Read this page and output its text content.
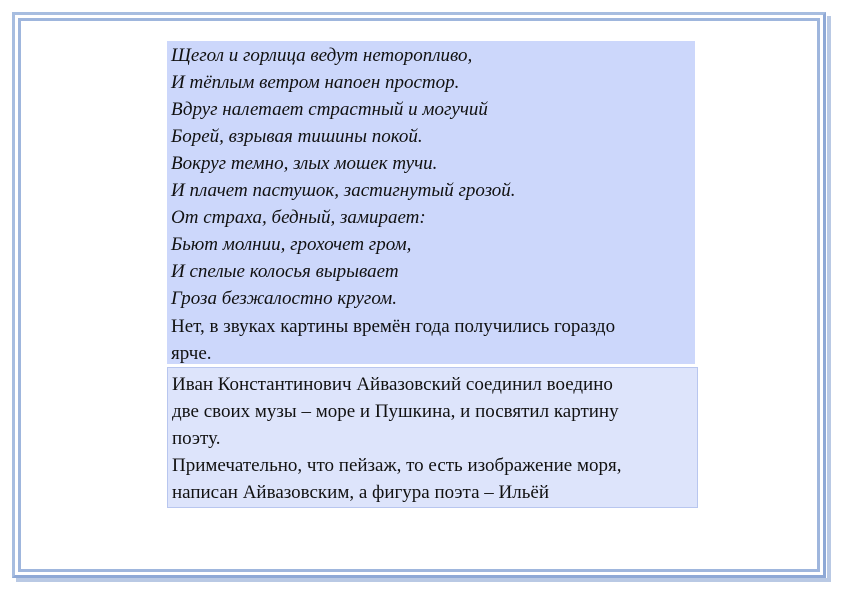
Щегол и горлица ведут неторопливо,
И тёплым ветром напоен простор.
Вдруг налетает страстный и могучий
Борей, взрывая тишины покой.
Вокруг темно, злых мошек тучи.
И плачет пастушок, застигнутый грозой.
От страха, бедный, замирает:
Бьют молнии, грохочет гром,
И спелые колосья вырывает
Гроза безжалостно кругом.
Нет, в звуках картины времён года получились гораздо
ярче.
Иван Константинович Айвазовский соединил воедино
две своих музы – море и Пушкина, и посвятил картину
поэту.
Примечательно, что пейзаж, то есть изображение моря,
написан Айвазовским, а фигура поэта – Ильёй
